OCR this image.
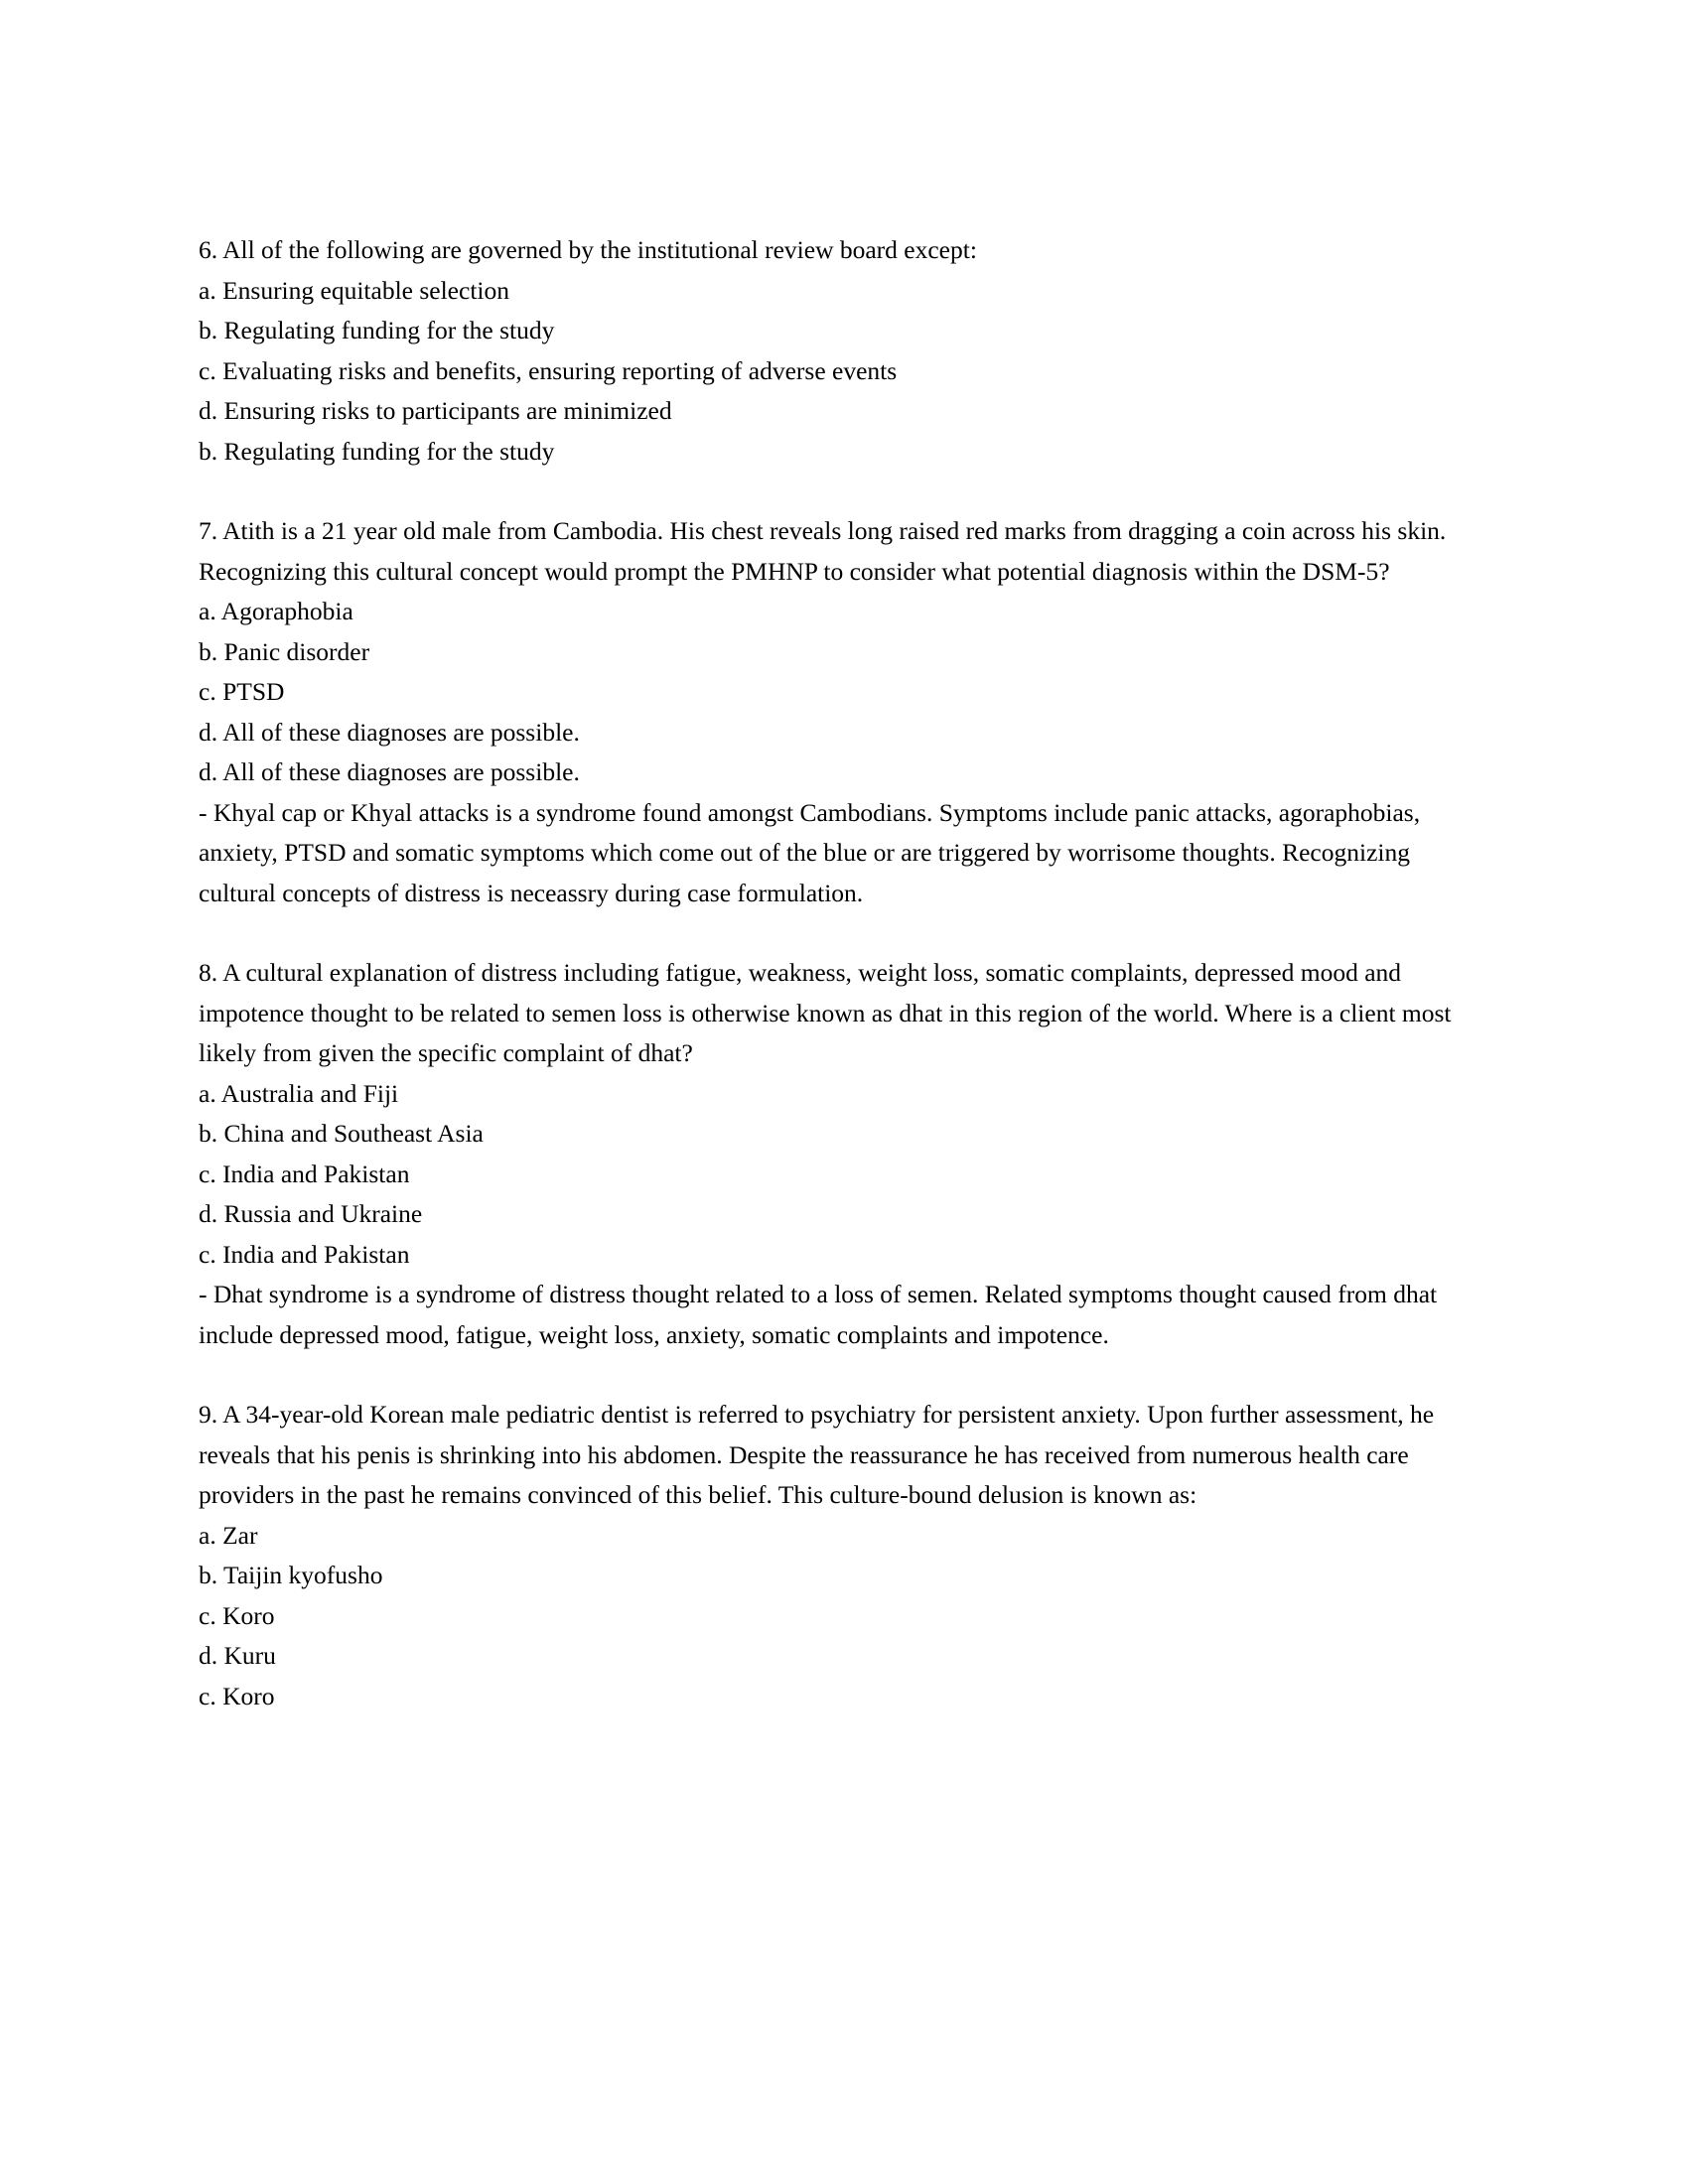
6. All of the following are governed by the institutional review board except:

a. Ensuring equitable selection

b. Regulating funding for the study

c. Evaluating risks and benefits, ensuring reporting of adverse events

d. Ensuring risks to participants are minimized

b. Regulating funding for the study

7. Atith is a 21 year old male from Cambodia. His chest reveals long raised red marks from dragging a coin across his skin. Recognizing this cultural concept would prompt the PMHNP to consider what potential diagnosis within the DSM-5?

a. Agoraphobia

b. Panic disorder

c. PTSD

d. All of these diagnoses are possible.

d. All of these diagnoses are possible.

- Khyal cap or Khyal attacks is a syndrome found amongst Cambodians. Symptoms include panic attacks, agoraphobias, anxiety, PTSD and somatic symptoms which come out of the blue or are triggered by worrisome thoughts. Recognizing cultural concepts of distress is neceassry during case formulation.

8. A cultural explanation of distress including fatigue, weakness, weight loss, somatic complaints, depressed mood and impotence thought to be related to semen loss is otherwise known as dhat in this region of the world. Where is a client most likely from given the specific complaint of dhat?

a. Australia and Fiji

b. China and Southeast Asia

c. India and Pakistan

d. Russia and Ukraine

c. India and Pakistan

- Dhat syndrome is a syndrome of distress thought related to a loss of semen. Related symptoms thought caused from dhat include depressed mood, fatigue, weight loss, anxiety, somatic complaints and impotence.

9. A 34-year-old Korean male pediatric dentist is referred to psychiatry for persistent anxiety. Upon further assessment, he reveals that his penis is shrinking into his abdomen. Despite the reassurance he has received from numerous health care providers in the past he remains convinced of this belief. This culture-bound delusion is known as:

a. Zar

b. Taijin kyofusho

c. Koro

d. Kuru

c. Koro
